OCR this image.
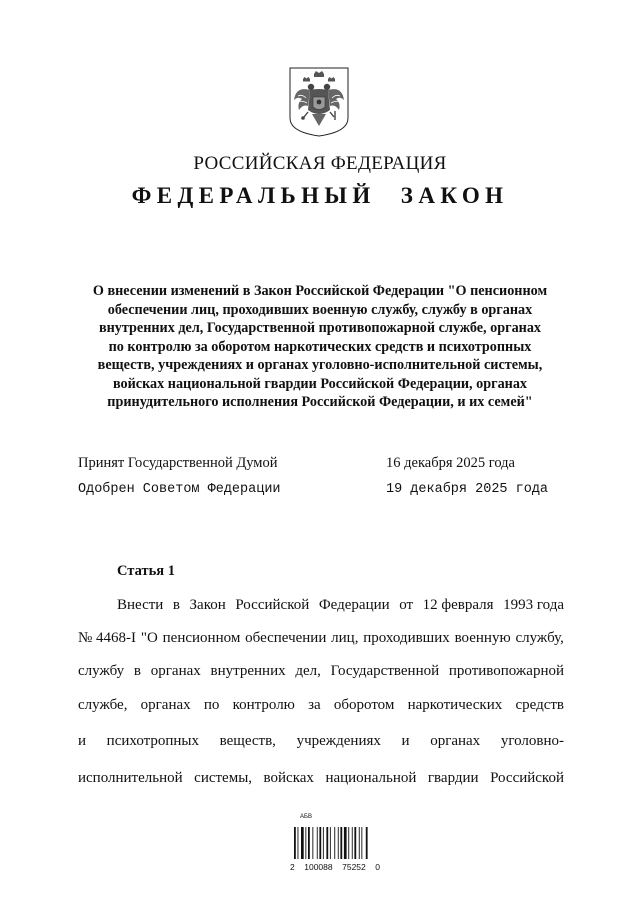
РОССИЙСКАЯ ФЕДЕРАЦИЯ
ФЕДЕРАЛЬНЫЙ ЗАКОН
О внесении изменений в Закон Российской Федерации "О пенсионном
обеспечении лиц, проходивших военную службу, службу в органах
внутренних дел, Государственной противопожарной службе, органах
по контролю за оборотом наркотических средств и психотропных
веществ, учреждениях и органах уголовно-исполнительной системы,
войсках национальной гвардии Российской Федерации, органах
принудительного исполнения Российской Федерации, и их семей"
Принят Государственной Думой	16 декабря 2025 года
Одобрен Советом Федерации	19 декабря 2025 года
Статья 1
Внести в Закон Российской Федерации от 12 февраля 1993 года
№ 4468-I "О пенсионном обеспечении лиц, проходивших военную службу,
службу в органах внутренних дел, Государственной противопожарной
службе, органах по контролю за оборотом наркотических средств
и психотропных веществ, учреждениях и органах уголовно-
исполнительной системы, войсках национальной гвардии Российской
АБВ
2 100088 75252 0
